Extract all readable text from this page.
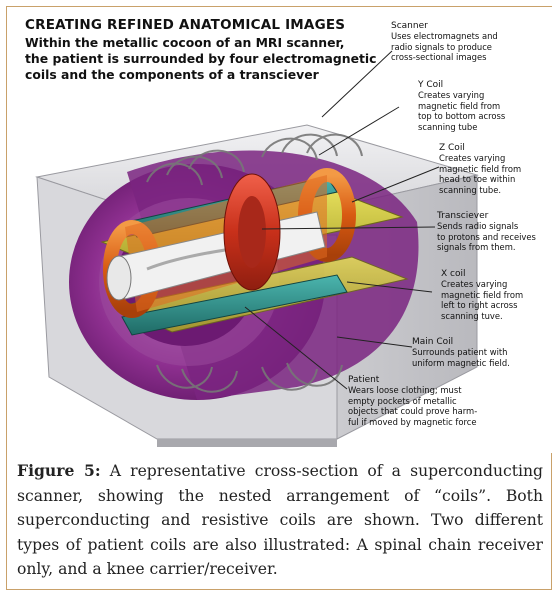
CREATING REFINED ANATOMICAL IMAGES
Within the metallic cocoon of an MRI scanner,
the patient is surrounded by four electromagnetic
coils and the components of a transciever
Scanner
Uses electromagnets and
radio signals to produce
cross-sectional images
Y Coil
Creates varying
magnetic field from
top to bottom across
scanning tube
Z Coil
Creates varying
magnetic field from
head to toe within
scanning tube.
Transciever
Sends radio signals
to protons and receives
signals from them.
X coil
Creates varying
magnetic field from
left to right across
scanning tuve.
Main Coil
Surrounds patient with
uniform magnetic field.
Patient
Wears loose clothing; must
empty pockets of metallic
objects that could prove harm-
ful if moved by magnetic force
Figure 5: A representative cross-section of a superconducting scanner, showing the nested arrangement of “coils”. Both superconducting and resistive coils are shown. Two different types of patient coils are also illustrated: A spinal chain receiver only, and a knee carrier/receiver.
